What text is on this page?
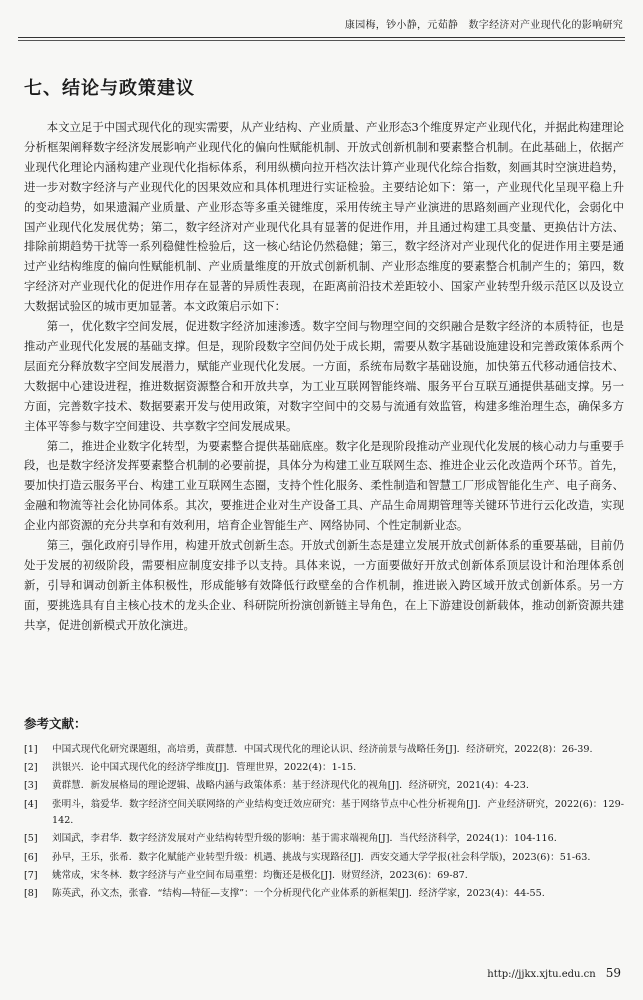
康园梅，钞小静，元茹静　数字经济对产业现代化的影响研究
七、结论与政策建议

本文立足于中国式现代化的现实需要，从产业结构、产业质量、产业形态3个维度界定产业现代化，并据此构建理论分析框架阐释数字经济发展影响产业现代化的偏向性赋能机制、开放式创新机制和要素整合机制。在此基础上，依据产业现代化理论内涵构建产业现代化指标体系，利用纵横向拉开档次法计算产业现代化综合指数，刻画其时空演进趋势，进一步对数字经济与产业现代化的因果效应和具体机理进行实证检验。主要结论如下：第一，产业现代化呈现平稳上升的变动趋势，如果遗漏产业质量、产业形态等多重关键维度，采用传统主导产业演进的思路刻画产业现代化，会弱化中国产业现代化发展优势；第二，数字经济对产业现代化具有显著的促进作用，并且通过构建工具变量、更换估计方法、排除前期趋势干扰等一系列稳健性检验后，这一核心结论仍然稳健；第三，数字经济对产业现代化的促进作用主要是通过产业结构维度的偏向性赋能机制、产业质量维度的开放式创新机制、产业形态维度的要素整合机制产生的；第四，数字经济对产业现代化的促进作用存在显著的异质性表现，在距离前沿技术差距较小、国家产业转型升级示范区以及设立大数据试验区的城市更加显著。本文政策启示如下：

第一，优化数字空间发展，促进数字经济加速渗透。数字空间与物理空间的交织融合是数字经济的本质特征，也是推动产业现代化发展的基础支撑。但是，现阶段数字空间仍处于成长期，需要从数字基础设施建设和完善政策体系两个层面充分释放数字空间发展潜力，赋能产业现代化发展。一方面，系统布局数字基础设施，加快第五代移动通信技术、大数据中心建设进程，推进数据资源整合和开放共享，为工业互联网智能终端、服务平台互联互通提供基础支撑。另一方面，完善数字技术、数据要素开发与使用政策，对数字空间中的交易与流通有效监管，构建多维治理生态，确保多方主体平等参与数字空间建设、共享数字空间发展成果。

第二，推进企业数字化转型，为要素整合提供基础底座。数字化是现阶段推动产业现代化发展的核心动力与重要手段，也是数字经济发挥要素整合机制的必要前提，具体分为构建工业互联网生态、推进企业云化改造两个环节。首先，要加快打造云服务平台、构建工业互联网生态圈，支持个性化服务、柔性制造和智慧工厂形成智能化生产、电子商务、金融和物流等社会化协同体系。其次，要推进企业对生产设备工具、产品生命周期管理等关键环节进行云化改造，实现企业内部资源的充分共享和有效利用，培育企业智能生产、网络协同、个性定制新业态。

第三，强化政府引导作用，构建开放式创新生态。开放式创新生态是建立发展开放式创新体系的重要基础，目前仍处于发展的初级阶段，需要相应制度安排予以支持。具体来说，一方面要做好开放式创新体系顶层设计和治理体系创新，引导和调动创新主体积极性，形成能够有效降低行政壁垒的合作机制，推进嵌入跨区域开放式创新体系。另一方面，要挑选具有自主核心技术的龙头企业、科研院所扮演创新链主导角色，在上下游建设创新载体，推动创新资源共建共享，促进创新模式开放化演进。

参考文献：
[1]	中国式现代化研究课题组，高培勇，黄群慧．中国式现代化的理论认识、经济前景与战略任务[J]．经济研究，2022(8)：26-39.
[2]	洪银兴．论中国式现代化的经济学维度[J]．管理世界，2022(4)：1-15.
[3]	黄群慧．新发展格局的理论逻辑、战略内涵与政策体系：基于经济现代化的视角[J]．经济研究，2021(4)：4-23.
[4]	张明斗，翁爱华．数字经济空间关联网络的产业结构变迁效应研究：基于网络节点中心性分析视角[J]．产业经济研究，2022(6)：129-142.
[5]	刘国武，李君华．数字经济发展对产业结构转型升级的影响：基于需求端视角[J]．当代经济科学，2024(1)：104-116.
[6]	孙早，王乐，张希．数字化赋能产业转型升级：机遇、挑战与实现路径[J]．西安交通大学学报(社会科学版)，2023(6)：51-63.
[7]	姚常成，宋冬林．数字经济与产业空间布局重塑：均衡还是极化[J]．财贸经济，2023(6)：69-87.
[8]	陈英武，孙文杰，张睿．“结构—特征—支撑”：一个分析现代化产业体系的新框架[J]．经济学家，2023(4)：44-55.
http://jjkx.xjtu.edu.cn 59
